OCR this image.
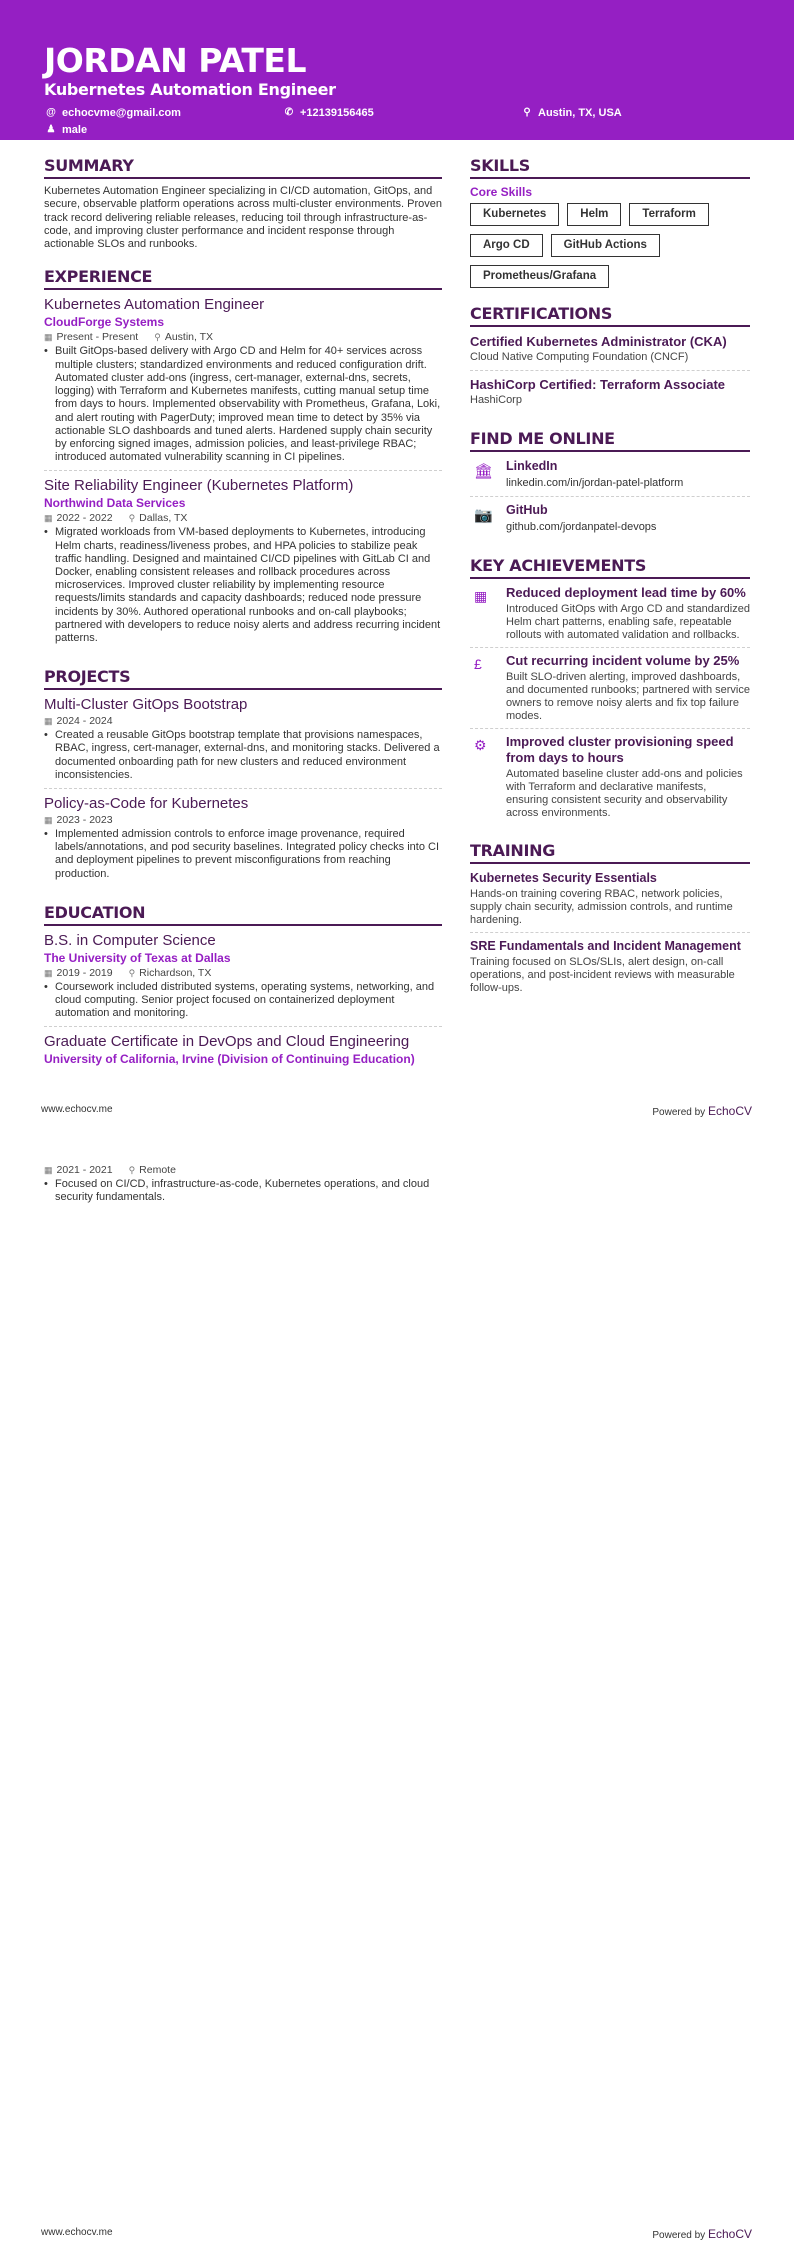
JORDAN PATEL
Kubernetes Automation Engineer
@ echocvme@gmail.com	✆ +12139156465	⚲ Austin, TX, USA
♟ male
SUMMARY
Kubernetes Automation Engineer specializing in CI/CD automation, GitOps, and secure, observable platform operations across multi-cluster environments. Proven track record delivering reliable releases, reducing toil through infrastructure-as-code, and improving cluster performance and incident response through actionable SLOs and runbooks.
EXPERIENCE
Kubernetes Automation Engineer
CloudForge Systems
▦ Present - Present ⚲ Austin, TX
• Built GitOps-based delivery with Argo CD and Helm for 40+ services across multiple clusters; standardized environments and reduced configuration drift. Automated cluster add-ons (ingress, cert-manager, external-dns, secrets, logging) with Terraform and Kubernetes manifests, cutting manual setup time from days to hours. Implemented observability with Prometheus, Grafana, Loki, and alert routing with PagerDuty; improved mean time to detect by 35% via actionable SLO dashboards and tuned alerts. Hardened supply chain security by enforcing signed images, admission policies, and least-privilege RBAC; introduced automated vulnerability scanning in CI pipelines.
Site Reliability Engineer (Kubernetes Platform)
Northwind Data Services
▦ 2022 - 2022 ⚲ Dallas, TX
• Migrated workloads from VM-based deployments to Kubernetes, introducing Helm charts, readiness/liveness probes, and HPA policies to stabilize peak traffic handling. Designed and maintained CI/CD pipelines with GitLab CI and Docker, enabling consistent releases and rollback procedures across microservices. Improved cluster reliability by implementing resource requests/limits standards and capacity dashboards; reduced node pressure incidents by 30%. Authored operational runbooks and on-call playbooks; partnered with developers to reduce noisy alerts and address recurring incident patterns.
PROJECTS
Multi-Cluster GitOps Bootstrap
▦ 2024 - 2024
• Created a reusable GitOps bootstrap template that provisions namespaces, RBAC, ingress, cert-manager, external-dns, and monitoring stacks. Delivered a documented onboarding path for new clusters and reduced environment inconsistencies.
Policy-as-Code for Kubernetes
▦ 2023 - 2023
• Implemented admission controls to enforce image provenance, required labels/annotations, and pod security baselines. Integrated policy checks into CI and deployment pipelines to prevent misconfigurations from reaching production.
EDUCATION
B.S. in Computer Science
The University of Texas at Dallas
▦ 2019 - 2019 ⚲ Richardson, TX
• Coursework included distributed systems, operating systems, networking, and cloud computing. Senior project focused on containerized deployment automation and monitoring.
Graduate Certificate in DevOps and Cloud Engineering
University of California, Irvine (Division of Continuing Education)
SKILLS
Core Skills
Kubernetes	Helm	Terraform
Argo CD	GitHub Actions
Prometheus/Grafana
CERTIFICATIONS
Certified Kubernetes Administrator (CKA)
Cloud Native Computing Foundation (CNCF)
HashiCorp Certified: Terraform Associate
HashiCorp
FIND ME ONLINE
🏛	LinkedIn
linkedin.com/in/jordan-patel-platform
📷	GitHub
github.com/jordanpatel-devops
KEY ACHIEVEMENTS
▦	Reduced deployment lead time by 60%
Introduced GitOps with Argo CD and standardized Helm chart patterns, enabling safe, repeatable rollouts with automated validation and rollbacks.
£	Cut recurring incident volume by 25%
Built SLO-driven alerting, improved dashboards, and documented runbooks; partnered with service owners to remove noisy alerts and fix top failure modes.
⚙	Improved cluster provisioning speed from days to hours
Automated baseline cluster add-ons and policies with Terraform and declarative manifests, ensuring consistent security and observability across environments.
TRAINING
Kubernetes Security Essentials
Hands-on training covering RBAC, network policies, supply chain security, admission controls, and runtime hardening.
SRE Fundamentals and Incident Management
Training focused on SLOs/SLIs, alert design, on-call operations, and post-incident reviews with measurable follow-ups.
www.echocv.me	Powered by EchoCV
▦ 2021 - 2021 ⚲ Remote
• Focused on CI/CD, infrastructure-as-code, Kubernetes operations, and cloud security fundamentals.
www.echocv.me	Powered by EchoCV
